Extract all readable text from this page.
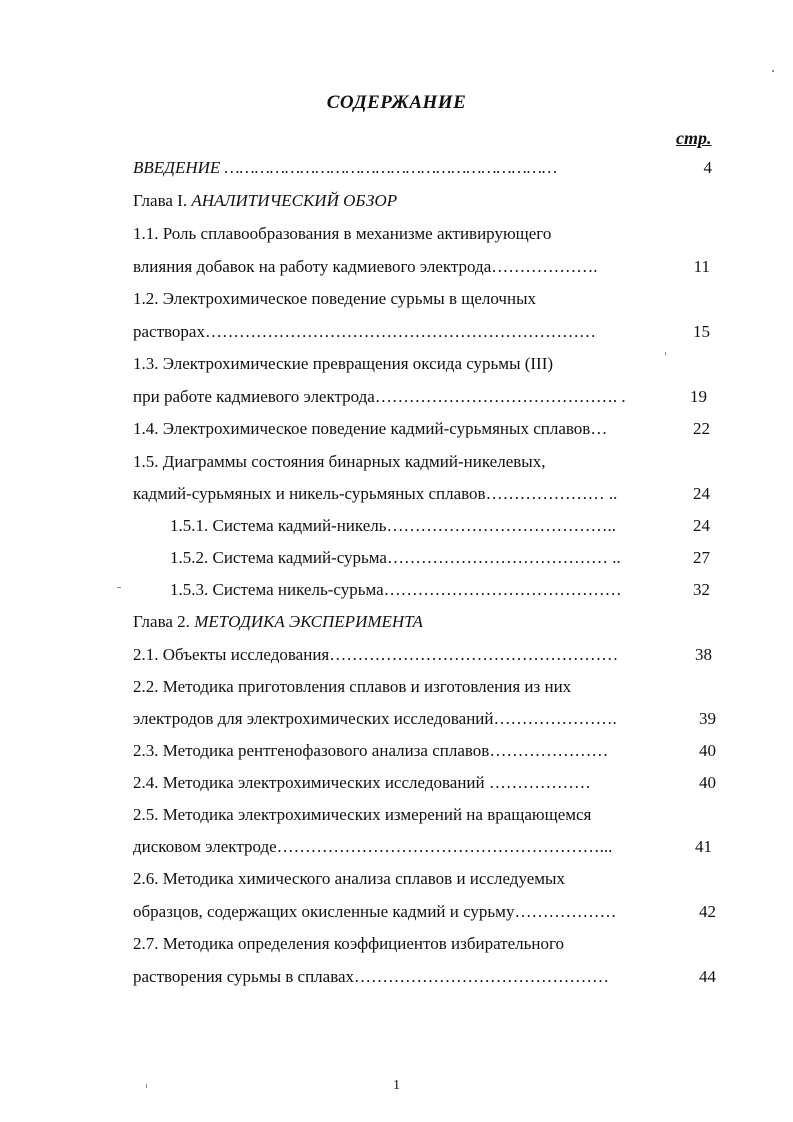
СОДЕРЖАНИЕ
стр.
ВВЕДЕНИЕ …………………………………………………………	4
Глава I. АНАЛИТИЧЕСКИЙ ОБЗОР
1.1. Роль сплавообразования в механизме активирующего
влияния добавок на работу кадмиевого электрода……………….	11
1.2. Электрохимическое поведение сурьмы в щелочных
растворах……………………………………………………………	15
1.3. Электрохимические превращения оксида сурьмы (III)
при работе кадмиевого электрода……………………………………. .	19
1.4. Электрохимическое поведение кадмий-сурьмяных сплавов…	22
1.5. Диаграммы состояния бинарных кадмий-никелевых,
кадмий-сурьмяных и никель-сурьмяных сплавов………………… ..	24
1.5.1. Система кадмий-никель…………………………………..	24
1.5.2. Система кадмий-сурьма………………………………… ..	27
1.5.3. Система никель-сурьма……………………………………	32
Глава 2. МЕТОДИКА ЭКСПЕРИМЕНТА
2.1. Объекты исследования……………………………………………	38
2.2. Методика приготовления сплавов и изготовления из них
электродов для электрохимических исследований………………….	39
2.3. Методика рентгенофазового анализа сплавов…………………	40
2.4. Методика электрохимических исследований ………………	40
2.5. Методика электрохимических измерений на вращающемся
дисковом электроде…………………………………………………...	41
2.6. Методика химического анализа сплавов и исследуемых
образцов, содержащих окисленные кадмий и сурьму………………	42
2.7. Методика определения коэффициентов избирательного
растворения сурьмы в сплавах………………………………………	44
1
